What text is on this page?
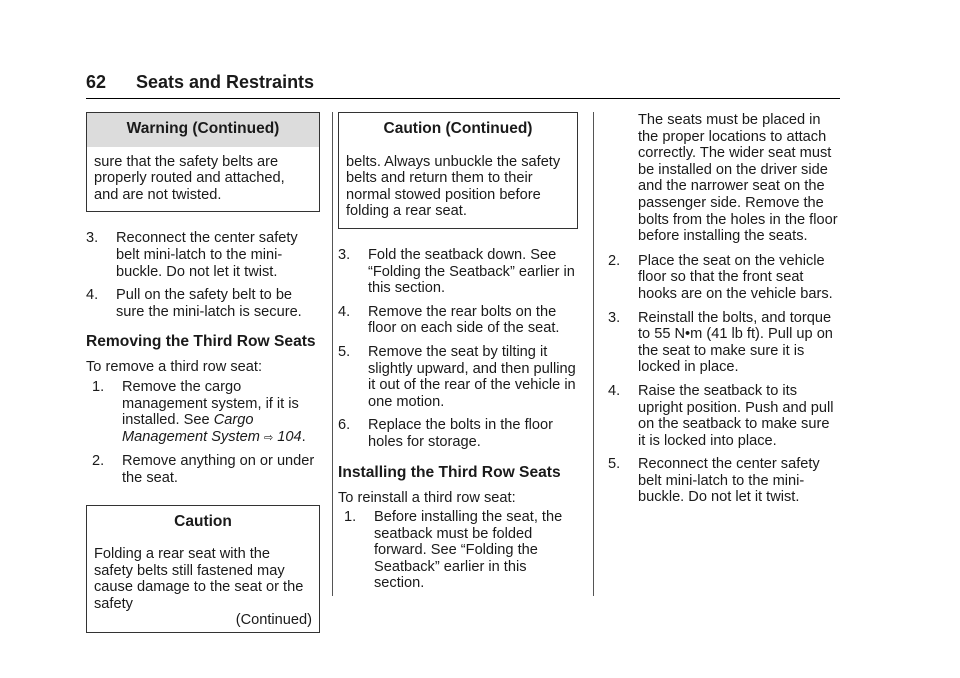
62 Seats and Restraints
Warning (Continued)
sure that the safety belts are properly routed and attached, and are not twisted.
3. Reconnect the center safety belt mini-latch to the mini-buckle. Do not let it twist.

4. Pull on the safety belt to be sure the mini-latch is secure.

Removing the Third Row Seats

To remove a third row seat:

1. Remove the cargo management system, if it is installed. See Cargo Management System ⇨ 104.

2. Remove anything on or under the seat.

Caution

Folding a rear seat with the safety belts still fastened may cause damage to the seat or the safety

(Continued)
Caution (Continued)
belts. Always unbuckle the safety belts and return them to their normal stowed position before folding a rear seat.
3. Fold the seatback down. See “Folding the Seatback” earlier in this section.

4. Remove the rear bolts on the floor on each side of the seat.

5. Remove the seat by tilting it slightly upward, and then pulling it out of the rear of the vehicle in one motion.

6. Replace the bolts in the floor holes for storage.

Installing the Third Row Seats

To reinstall a third row seat:

1. Before installing the seat, the seatback must be folded forward. See “Folding the Seatback” earlier in this section.

The seats must be placed in the proper locations to attach correctly. The wider seat must be installed on the driver side and the narrower seat on the passenger side. Remove the bolts from the holes in the floor before installing the seats.

2. Place the seat on the vehicle floor so that the front seat hooks are on the vehicle bars.

3. Reinstall the bolts, and torque to 55 N•m (41 lb ft). Pull up on the seat to make sure it is locked in place.

4. Raise the seatback to its upright position. Push and pull on the seatback to make sure it is locked into place.

5. Reconnect the center safety belt mini-latch to the mini-buckle. Do not let it twist.
